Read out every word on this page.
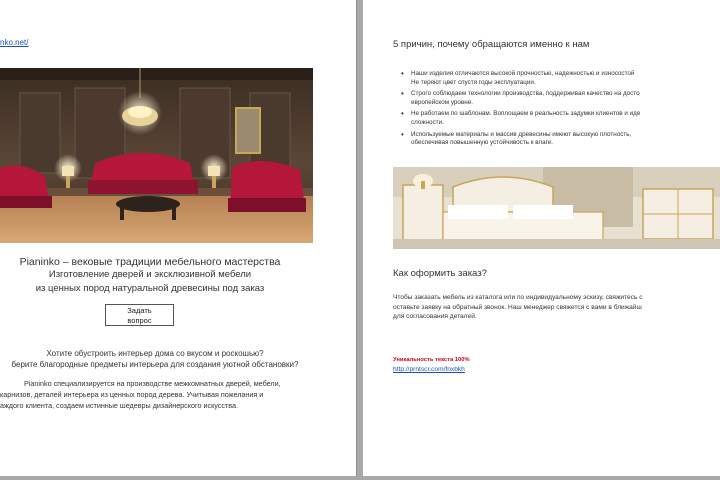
nko.net/
Pianinko – вековые традиции мебельного мастерства
Изготовление дверей и эксклюзивной мебели
из ценных пород натуральной древесины под заказ
Задать
вопрос
Хотите обустроить интерьер дома со вкусом и роскошью?
берите благородные предметы интерьера для создания уютной обстановки?
Pianinko специализируется на производстве межкомнатных дверей, мебели,
карнизов, деталей интерьера из ценных пород дерева. Учитывая пожелания и
аждого клиента, создаем истинные шедевры дизайнерского искусства.
5 причин, почему обращаются именно к нам
• Наши изделия отличаются высокой прочностью, надежностью и износостой
Не теряют цвет спустя годы эксплуатации.
• Строго соблюдаем технологии производства, поддерживая качество на досто
европейском уровне.
• Не работаем по шаблонам. Воплощаем в реальность задумки клиентов и иде
сложности.
• Используемые материалы и массив древесины имеют высокую плотность,
обеспечивая повышенную устойчивость к влаге.
Как оформить заказ?
Чтобы заказать мебель из каталога или по индивидуальному эскизу, свяжитесь с
оставьте заявку на обратный звонок. Наш менеджер свяжется с вами в ближайш
для согласования деталей.
Уникальность текста 100%
http://prntscr.com/fnxbkh
